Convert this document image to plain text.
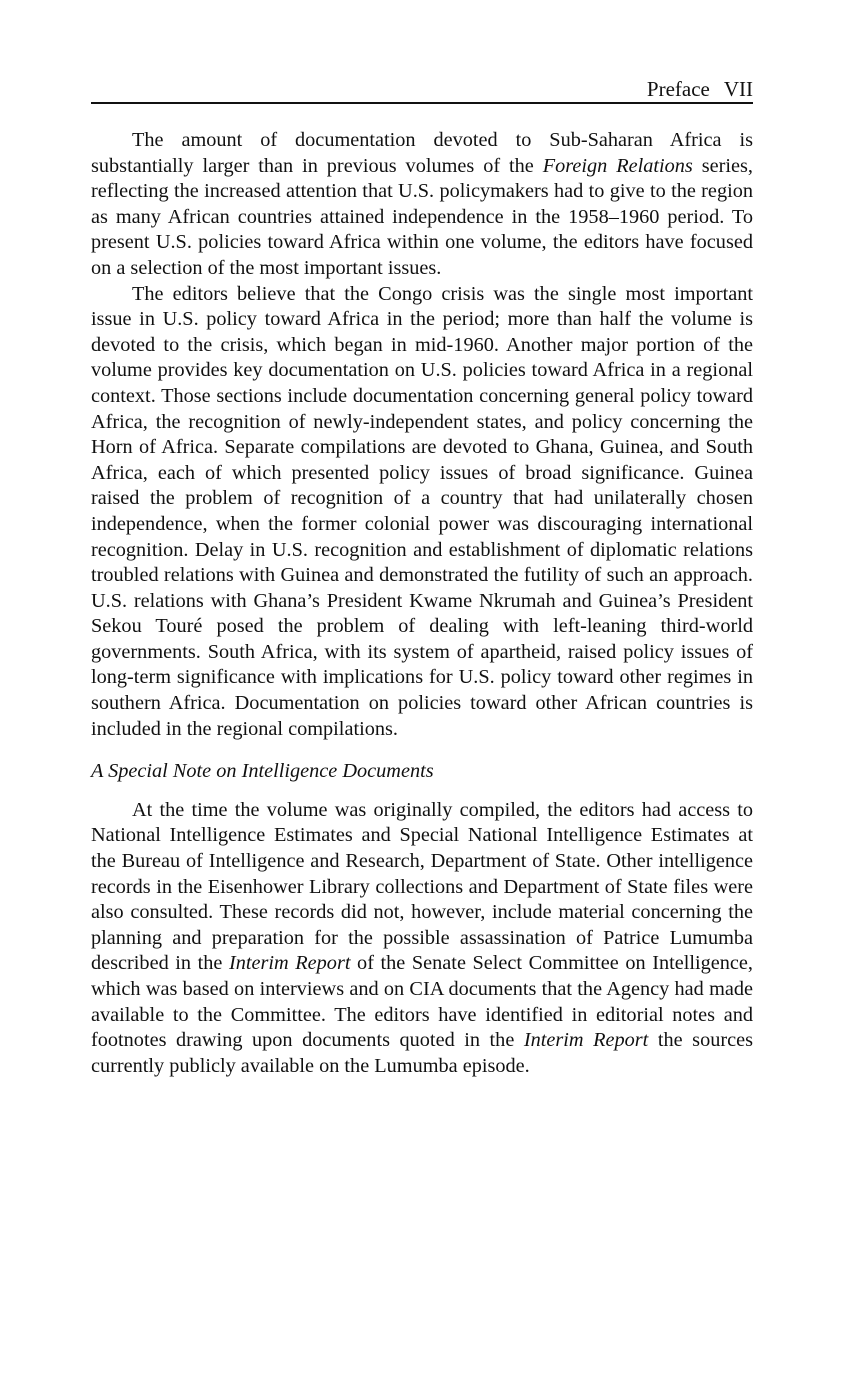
Preface VII

The amount of documentation devoted to Sub-Saharan Africa is substantially larger than in previous volumes of the Foreign Relations series, reflecting the increased attention that U.S. policymakers had to give to the region as many African countries attained independence in the 1958–1960 period. To present U.S. policies toward Africa within one volume, the editors have focused on a selection of the most important issues.

The editors believe that the Congo crisis was the single most important issue in U.S. policy toward Africa in the period; more than half the volume is devoted to the crisis, which began in mid-1960. Another major portion of the volume provides key documentation on U.S. policies toward Africa in a regional context. Those sections include documentation concerning general policy toward Africa, the recognition of newly-independent states, and policy concerning the Horn of Africa. Separate compilations are devoted to Ghana, Guinea, and South Africa, each of which presented policy issues of broad significance. Guinea raised the problem of recognition of a country that had unilaterally chosen independence, when the former colonial power was discouraging international recognition. Delay in U.S. recognition and establishment of diplomatic relations troubled relations with Guinea and demonstrated the futility of such an approach. U.S. relations with Ghana’s President Kwame Nkrumah and Guinea’s President Sekou Touré posed the problem of dealing with left-leaning third-world governments. South Africa, with its system of apartheid, raised policy issues of long-term significance with implications for U.S. policy toward other regimes in southern Africa. Documentation on policies toward other African countries is included in the regional compilations.

A Special Note on Intelligence Documents

At the time the volume was originally compiled, the editors had access to National Intelligence Estimates and Special National Intelligence Estimates at the Bureau of Intelligence and Research, Department of State. Other intelligence records in the Eisenhower Library collections and Department of State files were also consulted. These records did not, however, include material concerning the planning and preparation for the possible assassination of Patrice Lumumba described in the Interim Report of the Senate Select Committee on Intelligence, which was based on interviews and on CIA documents that the Agency had made available to the Committee. The editors have identified in editorial notes and footnotes drawing upon documents quoted in the Interim Report the sources currently publicly available on the Lumumba episode.
